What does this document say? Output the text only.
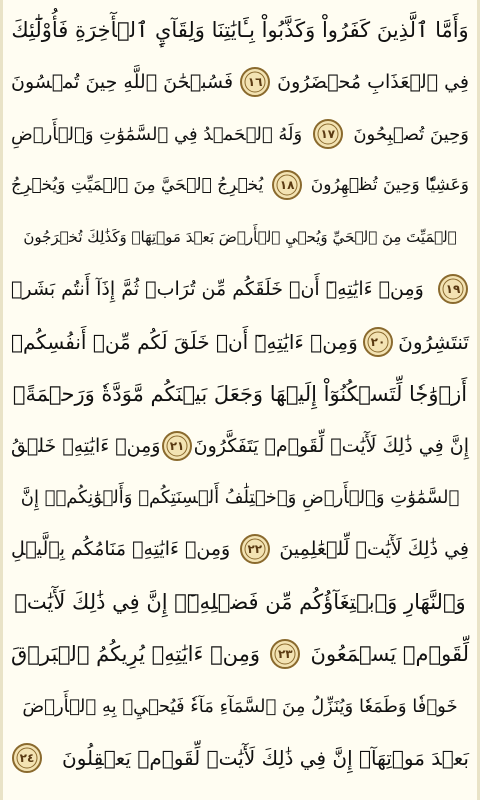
وَأَمَّا ٱلَّذِينَ كَفَرُواْ وَكَذَّبُواْ بِـَٔايَٰتِنَا وَلِقَآيِٕ ٱلۡأٓخِرَةِ فَأُوْلَٰٓئِكَ
فِي ٱلۡعَذَابِ مُحۡضَرُونَ
١٦
فَسُبۡحَٰنَ ٱللَّهِ حِينَ تُمۡسُونَ
وَحِينَ تُصۡبِحُونَ
١٧
وَلَهُ ٱلۡحَمۡدُ فِي ٱلسَّمَٰوَٰتِ وَٱلۡأَرۡضِ
وَعَشِيّٗا وَحِينَ تُظۡهِرُونَ
١٨
يُخۡرِجُ ٱلۡحَيَّ مِنَ ٱلۡمَيِّتِ وَيُخۡرِجُ
ٱلۡمَيِّتَ مِنَ ٱلۡحَيِّ وَيُحۡيِ ٱلۡأَرۡضَ بَعۡدَ مَوۡتِهَاۚ وَكَذَٰلِكَ تُخۡرَجُونَ
١٩
وَمِنۡ ءَايَٰتِهِۦٓ أَنۡ خَلَقَكُم مِّن تُرَابٖ ثُمَّ إِذَآ أَنتُم بَشَرٞ
تَنتَشِرُونَ
٢٠
وَمِنۡ ءَايَٰتِهِۦٓ أَنۡ خَلَقَ لَكُم مِّنۡ أَنفُسِكُمۡ
أَزۡوَٰجٗا لِّتَسۡكُنُوٓاْ إِلَيۡهَا وَجَعَلَ بَيۡنَكُم مَّوَدَّةٗ وَرَحۡمَةًۚ
إِنَّ فِي ذَٰلِكَ لَأٓيَٰتٖ لِّقَوۡمٖ يَتَفَكَّرُونَ
٢١
وَمِنۡ ءَايَٰتِهِۦ خَلۡقُ
ٱلسَّمَٰوَٰتِ وَٱلۡأَرۡضِ وَٱخۡتِلَٰفُ أَلۡسِنَتِكُمۡ وَأَلۡوَٰنِكُمۡۚ إِنَّ
فِي ذَٰلِكَ لَأٓيَٰتٖ لِّلۡعَٰلِمِينَ
٢٢
وَمِنۡ ءَايَٰتِهِۦ مَنَامُكُم بِٱلَّيۡلِ
وَٱلنَّهَارِ وَٱبۡتِغَآؤُكُم مِّن فَضۡلِهِۦٓۚ إِنَّ فِي ذَٰلِكَ لَأٓيَٰتٖ
لِّقَوۡمٖ يَسۡمَعُونَ
٢٣
وَمِنۡ ءَايَٰتِهِۦ يُرِيكُمُ ٱلۡبَرۡقَ
خَوۡفٗا وَطَمَعٗا وَيُنَزِّلُ مِنَ ٱلسَّمَآءِ مَآءٗ فَيُحۡيِۦ بِهِ ٱلۡأَرۡضَ
بَعۡدَ مَوۡتِهَآۚ إِنَّ فِي ذَٰلِكَ لَأٓيَٰتٖ لِّقَوۡمٖ يَعۡقِلُونَ
٢٤
